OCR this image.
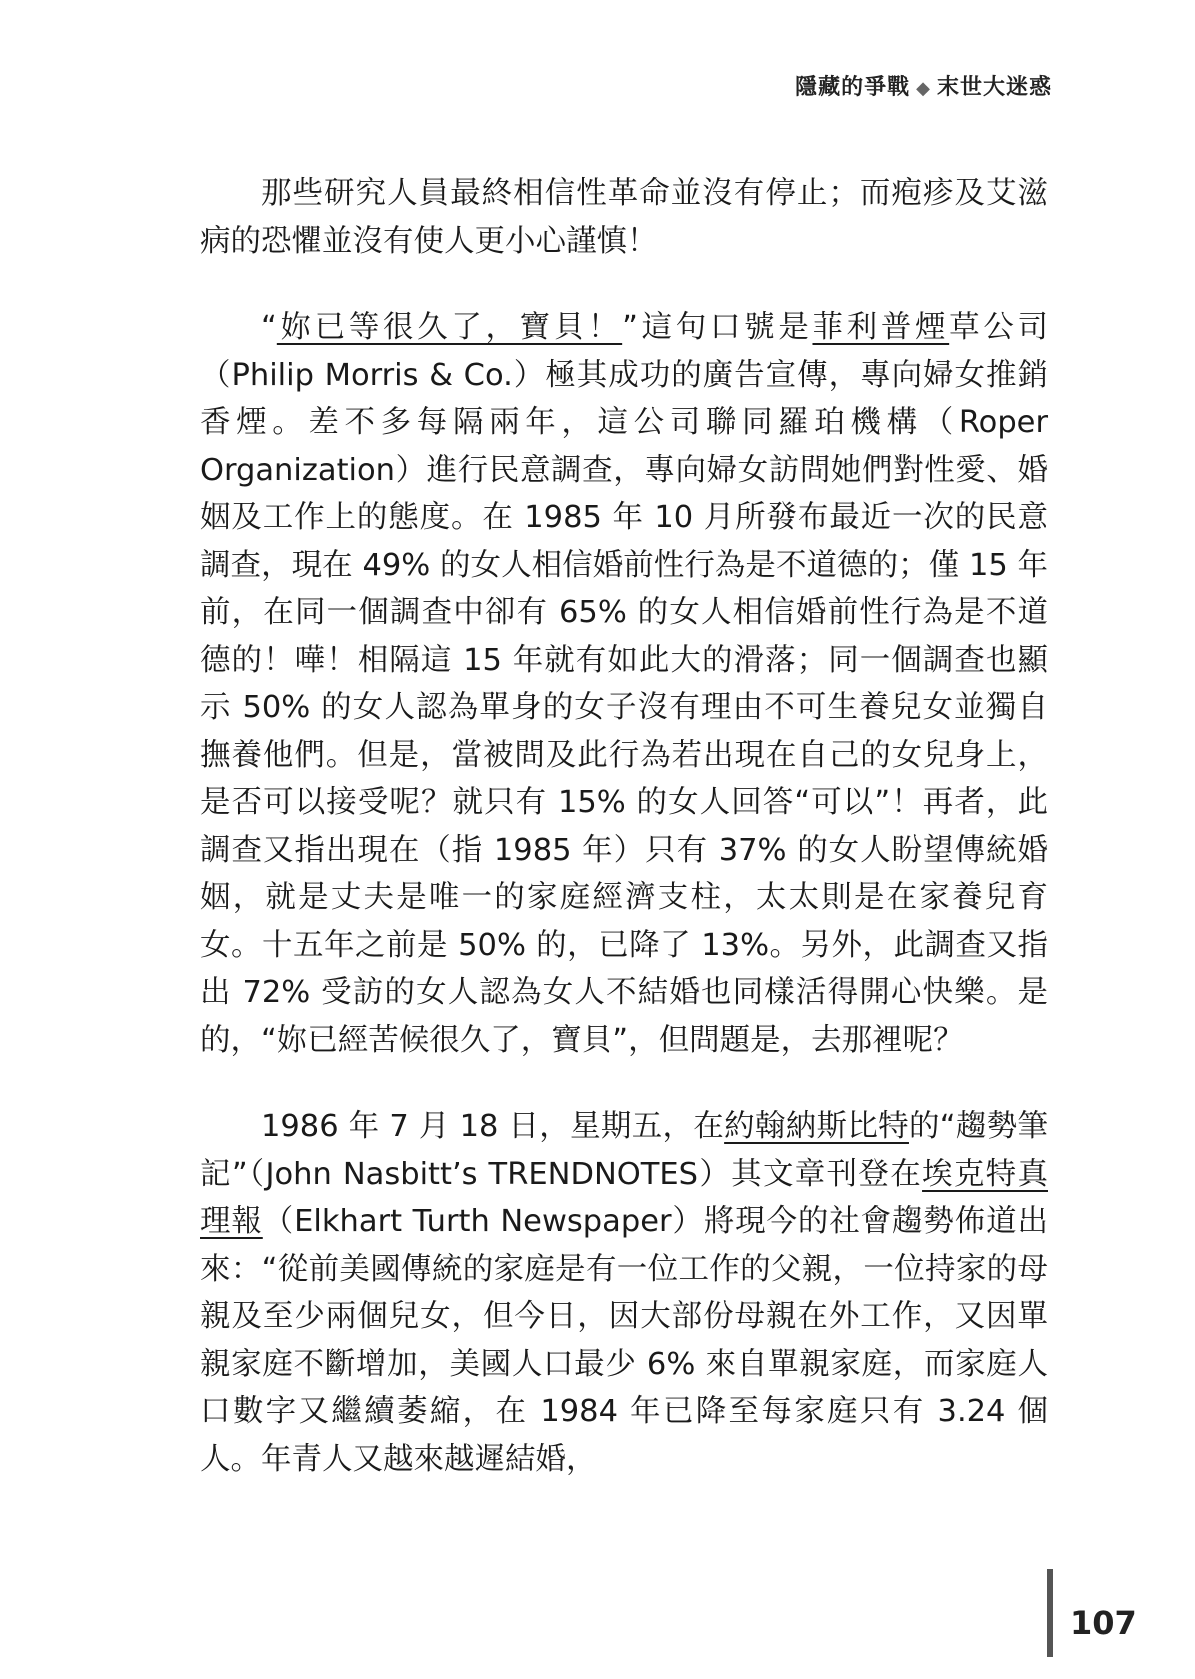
隱藏的爭戰 ◆ 末世大迷惑

那些研究人員最終相信性革命並沒有停止；而疱疹及艾滋病的恐懼並沒有使人更小心謹慎！

“妳已等很久了，寶貝！”這句口號是菲利普煙草公司（Philip Morris & Co.）極其成功的廣告宣傳，專向婦女推銷香煙。差不多每隔兩年，這公司聯同羅珀機構（Roper Organization）進行民意調查，專向婦女訪問她們對性愛、婚姻及工作上的態度。在 1985 年 10 月所發布最近一次的民意調查，現在 49% 的女人相信婚前性行為是不道德的；僅 15 年前，在同一個調查中卻有 65% 的女人相信婚前性行為是不道德的！嘩！相隔這 15 年就有如此大的滑落；同一個調查也顯示 50% 的女人認為單身的女子沒有理由不可生養兒女並獨自撫養他們。但是，當被問及此行為若出現在自己的女兒身上，是否可以接受呢？就只有 15% 的女人回答“可以”！再者，此調查又指出現在（指 1985 年）只有 37% 的女人盼望傳統婚姻，就是丈夫是唯一的家庭經濟支柱，太太則是在家養兒育女。十五年之前是 50% 的，已降了 13%。另外，此調查又指出 72% 受訪的女人認為女人不結婚也同樣活得開心快樂。是的，“妳已經苦候很久了，寶貝”，但問題是，去那裡呢？

1986 年 7 月 18 日，星期五，在約翰納斯比特的“趨勢筆記”（John Nasbitt’s TRENDNOTES）其文章刊登在埃克特真理報（Elkhart Turth Newspaper）將現今的社會趨勢佈道出來：“從前美國傳統的家庭是有一位工作的父親，一位持家的母親及至少兩個兒女，但今日，因大部份母親在外工作，又因單親家庭不斷增加，美國人口最少 6% 來自單親家庭，而家庭人口數字又繼續萎縮，在 1984 年已降至每家庭只有 3.24 個人。年青人又越來越遲結婚，

107
